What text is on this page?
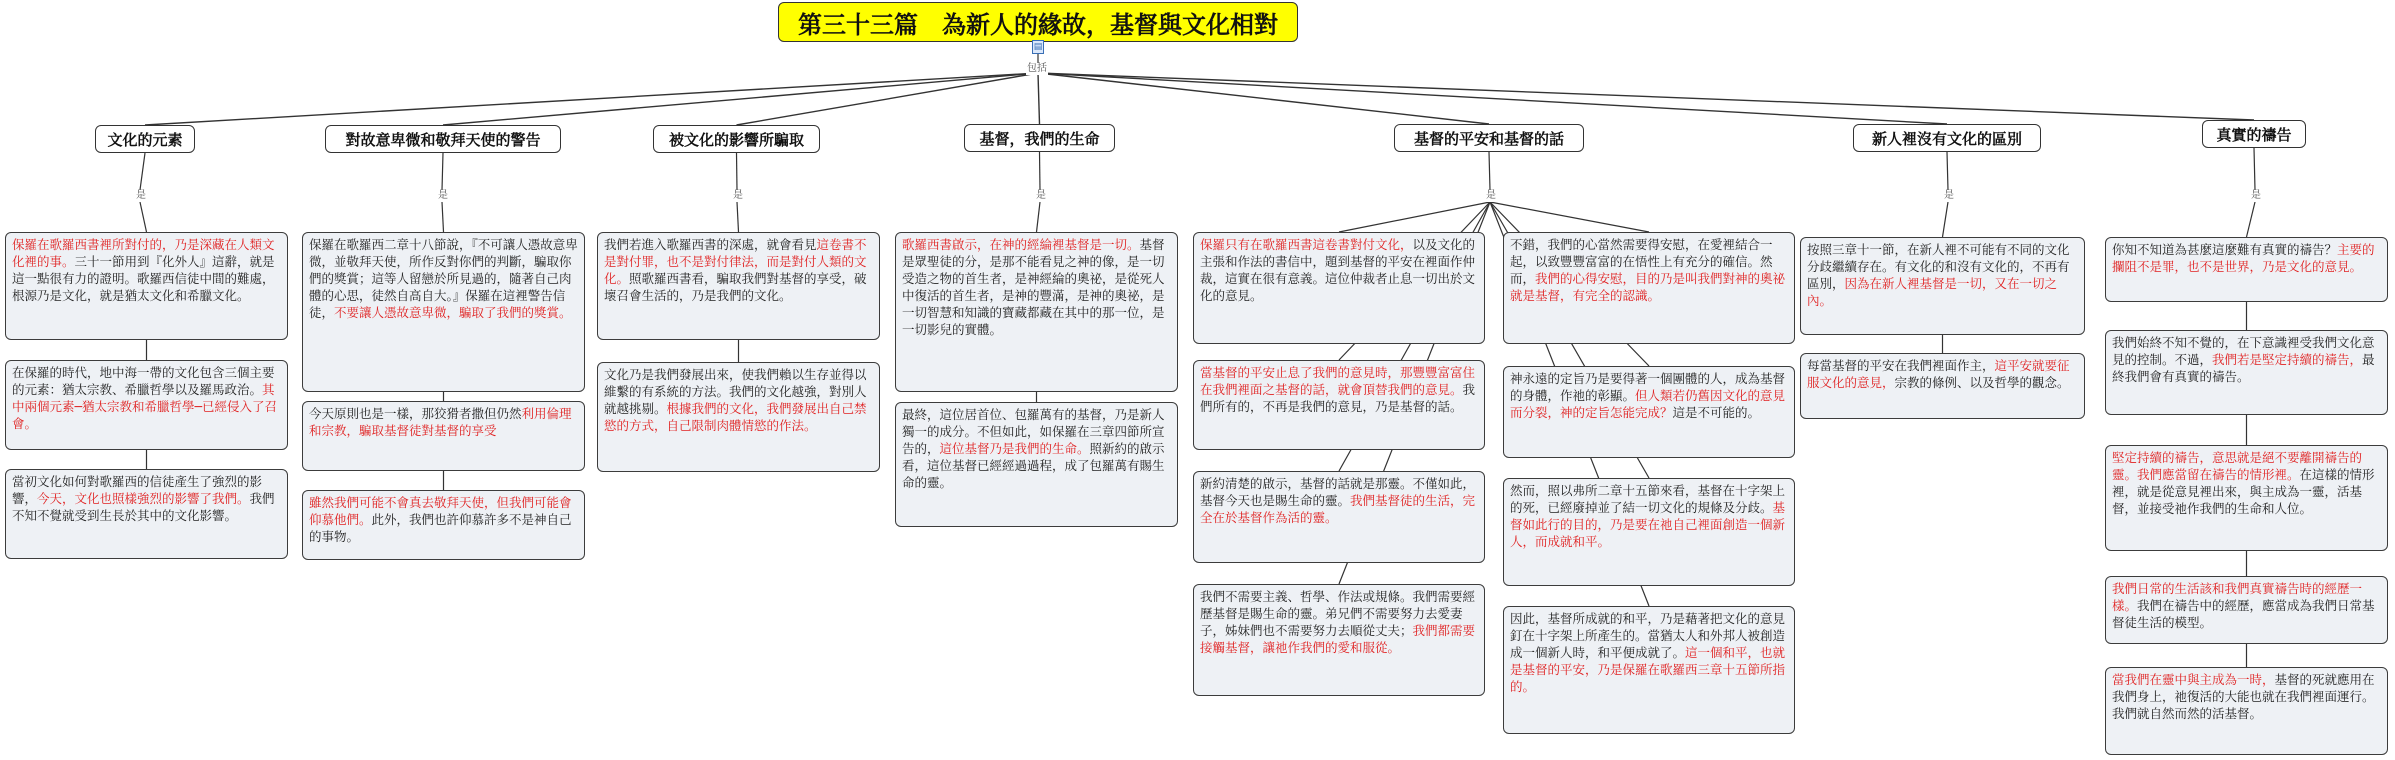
第三十三篇　為新人的緣故，基督與文化相對
▤
包括
文化的元素	對故意卑微和敬拜天使的警告	被文化的影響所騙取	基督，我們的生命	基督的平安和基督的話	新人裡沒有文化的區別	真實的禱告
是	是	是	是	是	是	是
保羅在歌羅西書裡所對付的，乃是深藏在人類文化裡的事。三十一節用到『化外人』這辭，就是這一點很有力的證明。歌羅西信徒中間的難處，根源乃是文化，就是猶太文化和希臘文化。
在保羅的時代，地中海一帶的文化包含三個主要的元素：猶太宗教、希臘哲學以及羅馬政治。其中兩個元素─猶太宗教和希臘哲學─已經侵入了召會。
當初文化如何對歌羅西的信徒產生了強烈的影響，今天，文化也照樣強烈的影響了我們。我們不知不覺就受到生長於其中的文化影響。
保羅在歌羅西二章十八節說，『不可讓人憑故意卑微，並敬拜天使，所作反對你們的判斷，騙取你們的獎賞；這等人留戀於所見過的，隨著自己肉體的心思，徒然自高自大。』保羅在這裡警告信徒，不要讓人憑故意卑微，騙取了我們的獎賞。
今天原則也是一樣，那狡猾者撒但仍然利用倫理和宗教，騙取基督徒對基督的享受
雖然我們可能不會真去敬拜天使，但我們可能會仰慕他們。此外，我們也許仰慕許多不是神自己的事物。
我們若進入歌羅西書的深處，就會看見這卷書不是對付罪，也不是對付律法，而是對付人類的文化。照歌羅西書看，騙取我們對基督的享受，破壞召會生活的，乃是我們的文化。
文化乃是我們發展出來，使我們賴以生存並得以維繫的有系統的方法。我們的文化越強，對別人就越挑剔。根據我們的文化，我們發展出自己禁慾的方式，自己限制肉體情慾的作法。
歌羅西書啟示，在神的經綸裡基督是一切。基督是眾聖徒的分，是那不能看見之神的像，是一切受造之物的首生者，是神經綸的奧祕，是從死人中復活的首生者，是神的豐滿，是神的奧祕，是一切智慧和知識的寶藏都藏在其中的那一位，是一切影兒的實體。
最終，這位居首位、包羅萬有的基督，乃是新人獨一的成分。不但如此，如保羅在三章四節所宣告的，這位基督乃是我們的生命。照新約的啟示看，這位基督已經經過過程，成了包羅萬有賜生命的靈。
保羅只有在歌羅西書這卷書對付文化，以及文化的主張和作法的書信中，題到基督的平安在裡面作仲裁，這實在很有意義。這位仲裁者止息一切出於文化的意見。
不錯，我們的心當然需要得安慰，在愛裡結合一起，以致豐豐富富的在悟性上有充分的確信。然而，我們的心得安慰，目的乃是叫我們對神的奧祕就是基督，有完全的認識。
當基督的平安止息了我們的意見時，那豐豐富富住在我們裡面之基督的話，就會頂替我們的意見。我們所有的，不再是我們的意見，乃是基督的話。
神永遠的定旨乃是要得著一個團體的人，成為基督的身體，作祂的彰顯。但人類若仍舊因文化的意見而分裂，神的定旨怎能完成？這是不可能的。
新約清楚的啟示，基督的話就是那靈。不僅如此，基督今天也是賜生命的靈。我們基督徒的生活，完全在於基督作為活的靈。
然而，照以弗所二章十五節來看，基督在十字架上的死，已經廢掉並了結一切文化的規條及分歧。基督如此行的目的，乃是要在祂自己裡面創造一個新人，而成就和平。
我們不需要主義、哲學、作法或規條。我們需要經歷基督是賜生命的靈。弟兄們不需要努力去愛妻子，姊妹們也不需要努力去順從丈夫；我們都需要接觸基督，讓祂作我們的愛和服從。
因此，基督所成就的和平，乃是藉著把文化的意見釘在十字架上所產生的。當猶太人和外邦人被創造成一個新人時，和平便成就了。這一個和平，也就是基督的平安，乃是保羅在歌羅西三章十五節所指的。
按照三章十一節，在新人裡不可能有不同的文化分歧繼續存在。有文化的和沒有文化的，不再有區別，因為在新人裡基督是一切，又在一切之內。
每當基督的平安在我們裡面作主，這平安就要征服文化的意見，宗教的條例、以及哲學的觀念。
你知不知道為甚麼這麼難有真實的禱告？主要的攔阻不是罪，也不是世界，乃是文化的意見。
我們始終不知不覺的，在下意識裡受我們文化意見的控制。不過，我們若是堅定持續的禱告，最終我們會有真實的禱告。
堅定持續的禱告，意思就是絕不要離開禱告的靈。我們應當留在禱告的情形裡。在這樣的情形裡，就是從意見裡出來，與主成為一靈，活基督，並接受祂作我們的生命和人位。
我們日常的生活該和我們真實禱告時的經歷一樣。我們在禱告中的經歷，應當成為我們日常基督徒生活的模型。
當我們在靈中與主成為一時，基督的死就應用在我們身上，祂復活的大能也就在我們裡面運行。我們就自然而然的活基督。
